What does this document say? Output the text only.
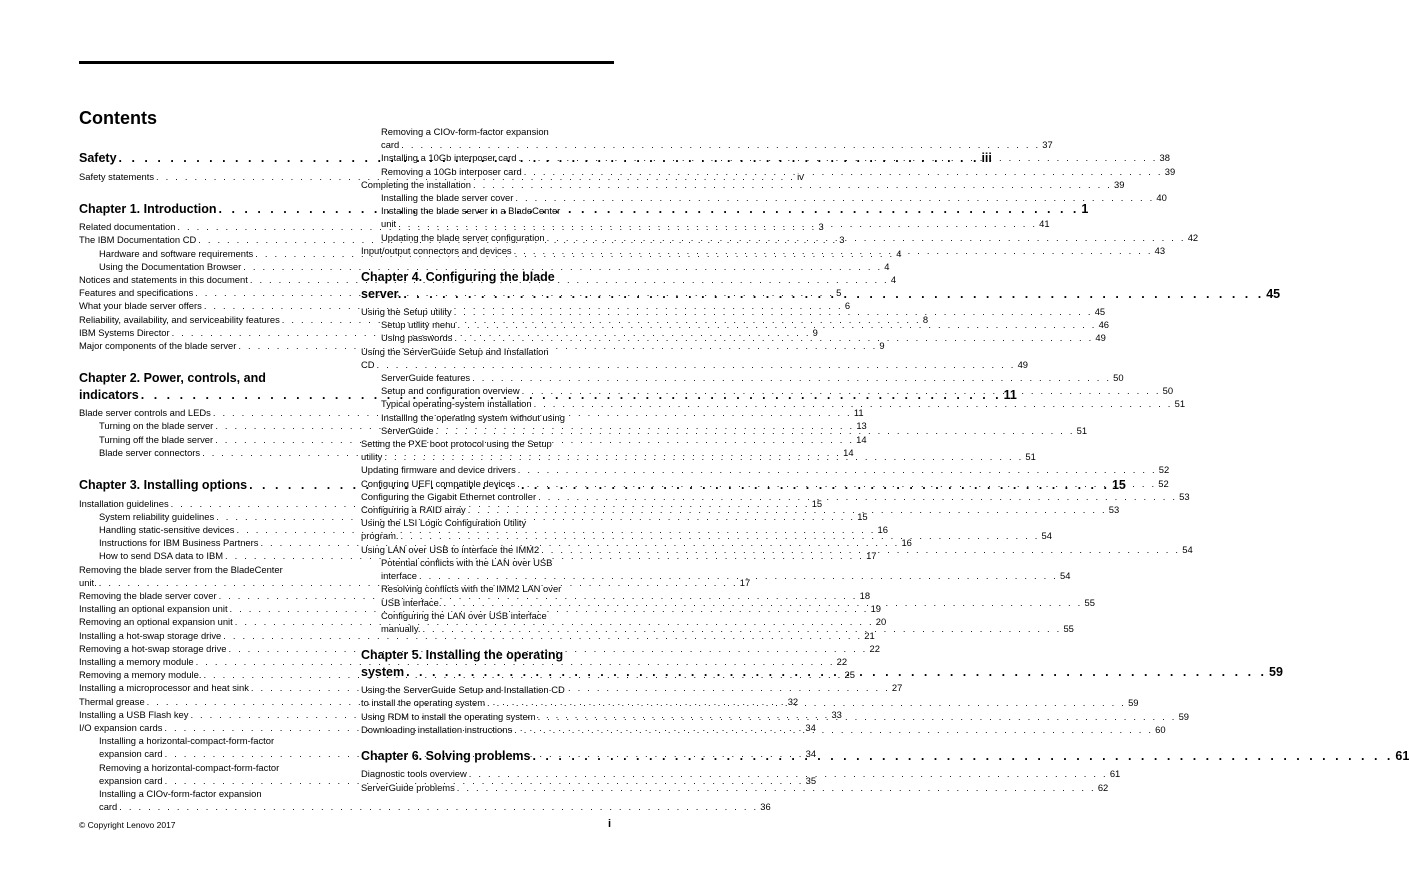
Contents
Safety . . .	iii
Safety statements . . .	iv
Chapter 1. Introduction . . .	1
Related documentation . . .	3
The IBM Documentation CD . . .	3
Hardware and software requirements . . .	4
Using the Documentation Browser . . .	4
Notices and statements in this document . . .	4
Features and specifications . . .	5
What your blade server offers . . .	6
Reliability, availability, and serviceability features . . .	8
IBM Systems Director . . .	9
Major components of the blade server . . .	9
Chapter 2. Power, controls, and
indicators . . .	11
Blade server controls and LEDs . . .	11
Turning on the blade server . . .	13
Turning off the blade server . . .	14
Blade server connectors . . .	14
Chapter 3. Installing options . . .	15
Installation guidelines . . .	15
System reliability guidelines . . .	15
Handling static-sensitive devices . . .	16
Instructions for IBM Business Partners . . .	16
How to send DSA data to IBM . . .	17
Removing the blade server from the BladeCenter
unit. . . .	17
Removing the blade server cover . . .	18
Installing an optional expansion unit . . .	19
Removing an optional expansion unit . . .	20
Installing a hot-swap storage drive . . .	21
Removing a hot-swap storage drive . . .	22
Installing a memory module . . .	22
Removing a memory module. . . .	25
Installing a microprocessor and heat sink . . .	27
Thermal grease . . .	32
Installing a USB Flash key . . .	33
I/O expansion cards . . .	34
Installing a horizontal-compact-form-factor
expansion card . . .	34
Removing a horizontal-compact-form-factor
expansion card . . .	35
Installing a CIOv-form-factor expansion
card . . .	36
Removing a CIOv-form-factor expansion
card . . .	37
Installing a 10Gb interposer card . . .	38
Removing a 10Gb interposer card . . .	39
Completing the installation . . .	39
Installing the blade server cover . . .	40
Installing the blade server in a BladeCenter
unit . . .	41
Updating the blade server configuration . . .	42
Input/output connectors and devices . . .	43
Chapter 4. Configuring the blade
server. . . .	45
Using the Setup utility . . .	45
Setup utility menu . . .	46
Using passwords . . .	49
Using the ServerGuide Setup and Installation
CD . . .	49
ServerGuide features . . .	50
Setup and configuration overview . . .	50
Typical operating-system installation . . .	51
Installing the operating system without using
ServerGuide . . .	51
Setting the PXE boot protocol using the Setup
utility . . .	51
Updating firmware and device drivers . . .	52
Configuring UEFI compatible devices . . .	52
Configuring the Gigabit Ethernet controller . . .	53
Configuring a RAID array . . .	53
Using the LSI Logic Configuration Utility
program. . . .	54
Using LAN over USB to interface the IMM2 . . .	54
Potential conflicts with the LAN over USB
interface . . .	54
Resolving conflicts with the IMM2 LAN over
USB interface. . . .	55
Configuring the LAN over USB interface
manually. . . .	55
Chapter 5. Installing the operating
system . . .	59
Using the ServerGuide Setup and Installation CD
to install the operating system . . .	59
Using RDM to install the operating system . . .	59
Downloading installation instructions . . .	60
Chapter 6. Solving problems . . .	61
Diagnostic tools overview . . .	61
ServerGuide problems . . .	62
© Copyright Lenovo 2017	i
